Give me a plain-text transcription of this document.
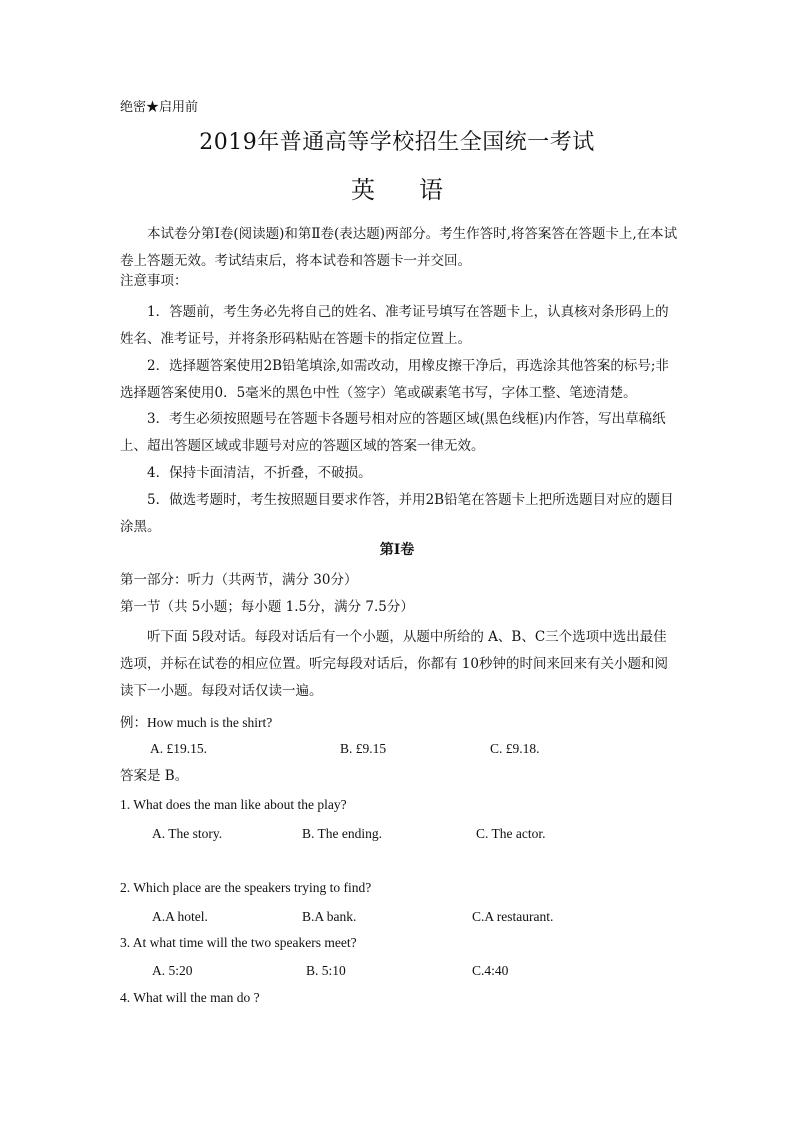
绝密★启用前
2019年普通高等学校招生全国统一考试
英 语
本试卷分第Ⅰ卷(阅读题)和第Ⅱ卷(表达题)两部分。考生作答时,将答案答在答题卡上,在本试卷上答题无效。考试结束后，将本试卷和答题卡一并交回。
注意事项：
1．答题前，考生务必先将自己的姓名、准考证号填写在答题卡上，认真核对条形码上的姓名、准考证号，并将条形码粘贴在答题卡的指定位置上。
2．选择题答案使用2B铅笔填涂,如需改动，用橡皮擦干净后，再选涂其他答案的标号;非选择题答案使用0．5毫米的黑色中性（签字）笔或碳素笔书写，字体工整、笔迹清楚。
3．考生必须按照题号在答题卡各题号相对应的答题区域(黑色线框)内作答，写出草稿纸上、超出答题区域或非题号对应的答题区域的答案一律无效。
4．保持卡面清洁，不折叠，不破损。
5．做选考题时，考生按照题目要求作答，并用2B铅笔在答题卡上把所选题目对应的题目涂黑。
第Ⅰ卷
第一部分：听力（共两节，满分 30分）
第一节（共 5小题；每小题 1.5分，满分 7.5分）
听下面 5段对话。每段对话后有一个小题，从题中所给的 A、B、C三个选项中选出最佳选项，并标在试卷的相应位置。听完每段对话后，你都有 10秒钟的时间来回来有关小题和阅读下一小题。每段对话仅读一遍。
例：How much is the shirt?
A. £19.15.	B. £9.15	C. £9.18.
答案是 B。
1. What does the man like about the play?
A. The story.	B. The ending.	C. The actor.
2. Which place are the speakers trying to find?
A.A hotel.	B.A bank.	C.A restaurant.
3. At what time will the two speakers meet?
A. 5:20	B. 5:10	C.4:40
4. What will the man do ?
